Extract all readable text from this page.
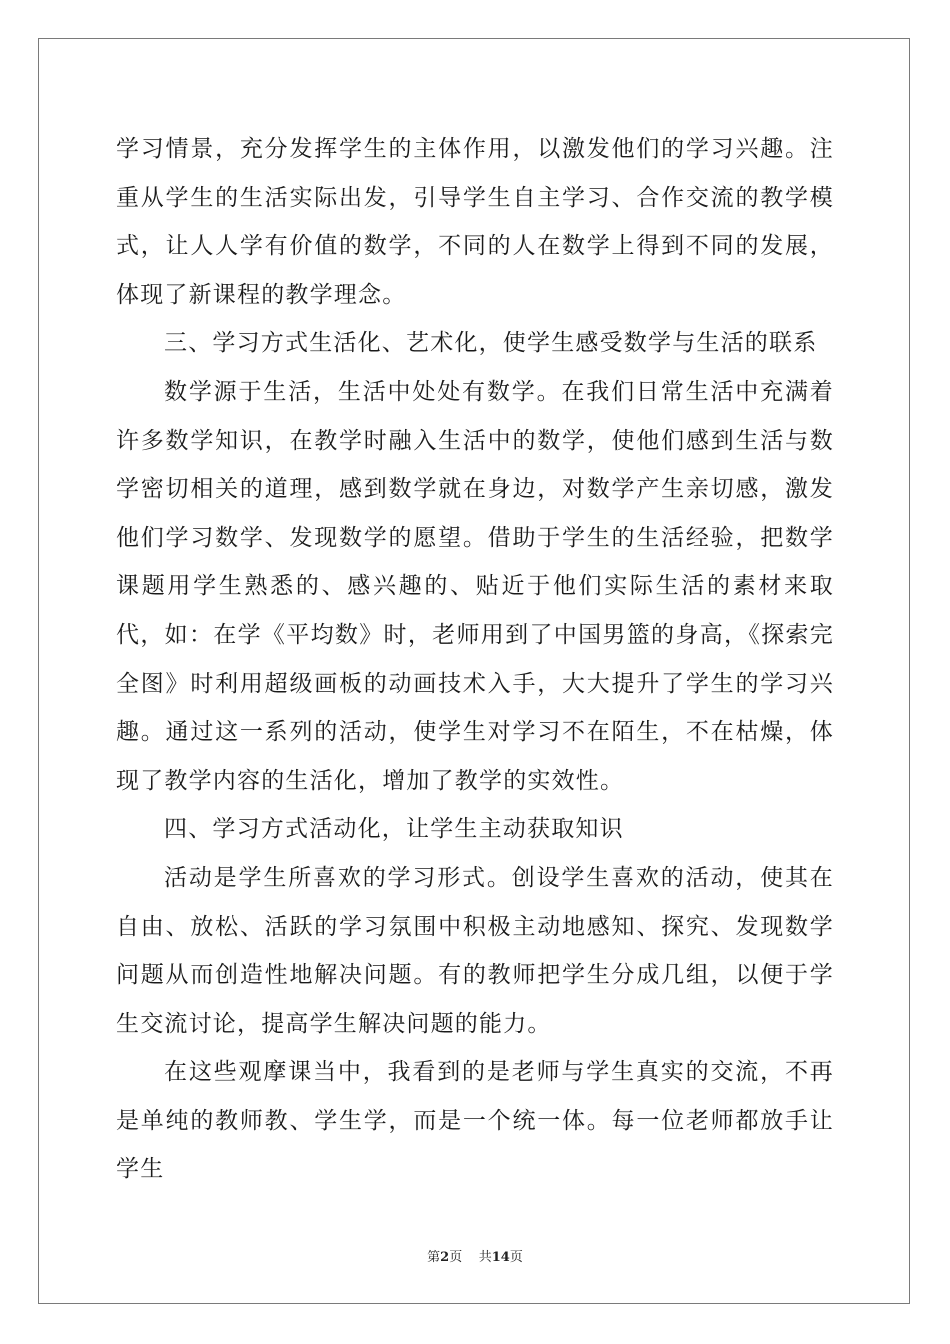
学习情景，充分发挥学生的主体作用，以激发他们的学习兴趣。注重从学生的生活实际出发，引导学生自主学习、合作交流的教学模式，让人人学有价值的数学，不同的人在数学上得到不同的发展，体现了新课程的教学理念。

三、学习方式生活化、艺术化，使学生感受数学与生活的联系

数学源于生活，生活中处处有数学。在我们日常生活中充满着许多数学知识，在教学时融入生活中的数学，使他们感到生活与数学密切相关的道理，感到数学就在身边，对数学产生亲切感，激发他们学习数学、发现数学的愿望。借助于学生的生活经验，把数学课题用学生熟悉的、感兴趣的、贴近于他们实际生活的素材来取代，如：在学《平均数》时，老师用到了中国男篮的身高，《探索完全图》时利用超级画板的动画技术入手，大大提升了学生的学习兴趣。通过这一系列的活动，使学生对学习不在陌生，不在枯燥，体现了教学内容的生活化，增加了教学的实效性。

四、学习方式活动化，让学生主动获取知识

活动是学生所喜欢的学习形式。创设学生喜欢的活动，使其在自由、放松、活跃的学习氛围中积极主动地感知、探究、发现数学问题从而创造性地解决问题。有的教师把学生分成几组，以便于学生交流讨论，提高学生解决问题的能力。

在这些观摩课当中，我看到的是老师与学生真实的交流，不再是单纯的教师教、学生学，而是一个统一体。每一位老师都放手让学生

第2页 共14页
